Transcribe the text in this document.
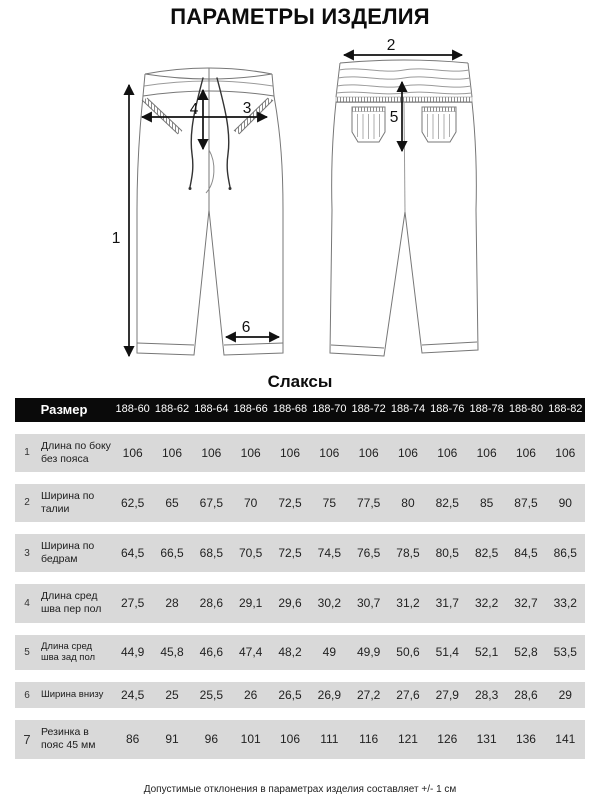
ПАРАМЕТРЫ ИЗДЕЛИЯ
1
2
3
4	5
6
Слаксы
Размер		188-60	188-62	188-64	188-66	188-68	188-70	188-72	188-74	188-76	188-78	188-80	188-82
1	Длина по боку без пояса	106	106	106	106	106	106	106	106	106	106	106	106
2	Ширина по талии	62,5	65	67,5	70	72,5	75	77,5	80	82,5	85	87,5	90
3	Ширина по бедрам	64,5	66,5	68,5	70,5	72,5	74,5	76,5	78,5	80,5	82,5	84,5	86,5
4	Длина сред шва пер пол	27,5	28	28,6	29,1	29,6	30,2	30,7	31,2	31,7	32,2	32,7	33,2
5	Длина сред шва зад пол	44,9	45,8	46,6	47,4	48,2	49	49,9	50,6	51,4	52,1	52,8	53,5
6	Ширина внизу	24,5	25	25,5	26	26,5	26,9	27,2	27,6	27,9	28,3	28,6	29
7	Резинка в пояс 45 мм	86	91	96	101	106	111	116	121	126	131	136	141
Допустимые отклонения в параметрах изделия составляет +/- 1 см
